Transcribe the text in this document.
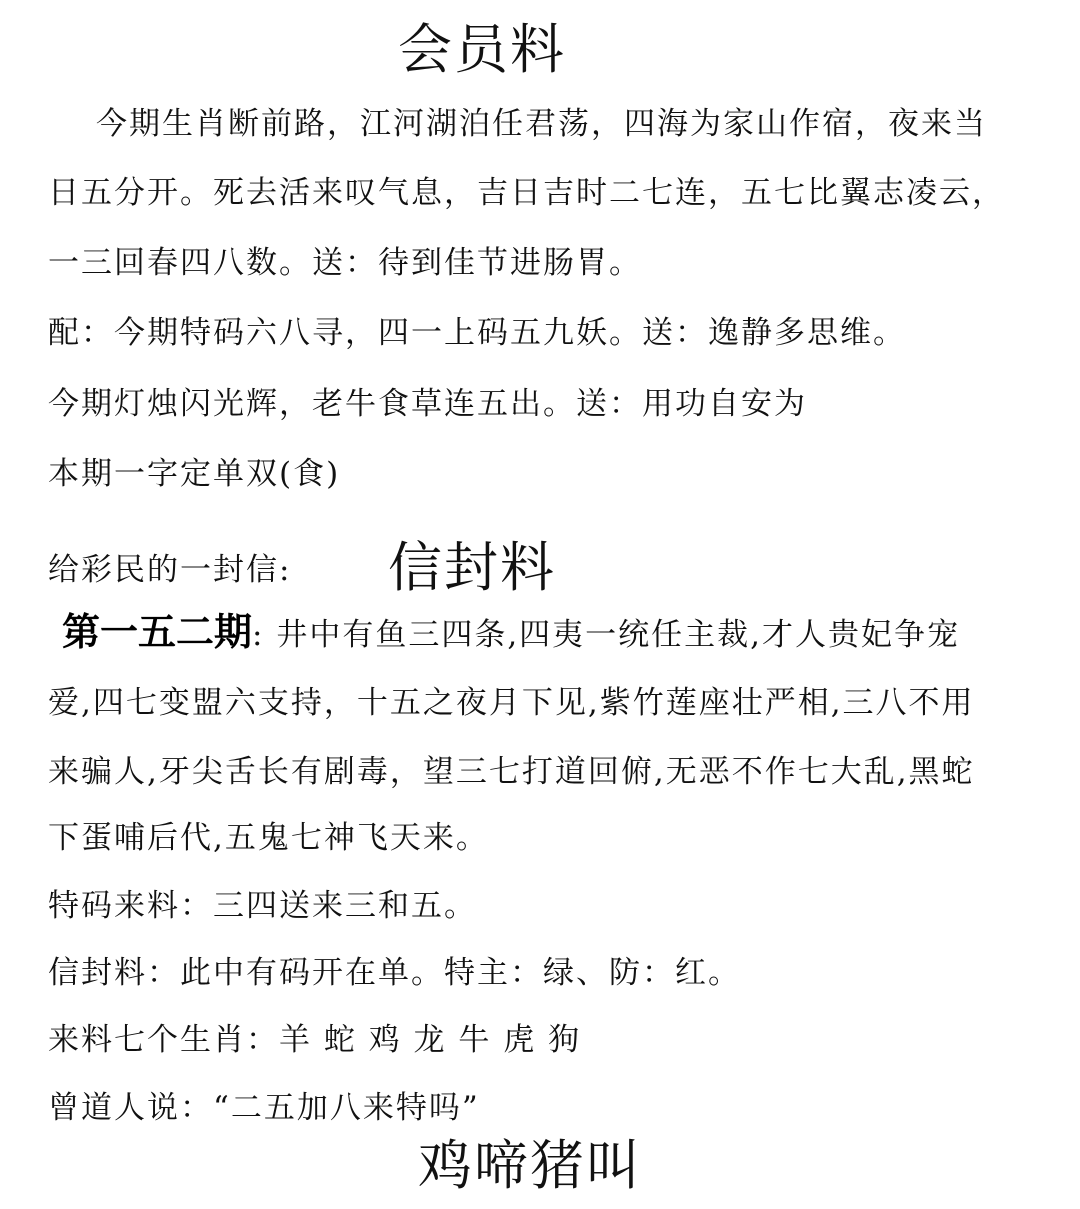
会员料
今期生肖断前路，江河湖泊任君荡，四海为家山作宿，夜来当
日五分开。死去活来叹气息，吉日吉时二七连，五七比翼志凌云，
一三回春四八数。送：待到佳节进肠胃。
配：今期特码六八寻，四一上码五九妖。送：逸静多思维。
今期灯烛闪光辉，老牛食草连五出。送：用功自安为
本期一字定单双(食)
给彩民的一封信: 信封料
第一五二期: 井中有鱼三四条,四夷一统任主裁,才人贵妃争宠
爱,四七变盟六支持，十五之夜月下见,紫竹莲座壮严相,三八不用
来骗人,牙尖舌长有剧毒，望三七打道回俯,无恶不作七大乱,黑蛇
下蛋哺后代,五鬼七神飞天来。
特码来料：三四送来三和五。
信封料：此中有码开在单。特主：绿、防：红。
来料七个生肖：羊 蛇 鸡 龙 牛 虎 狗
曾道人说：“二五加八来特吗”
鸡啼猪叫
